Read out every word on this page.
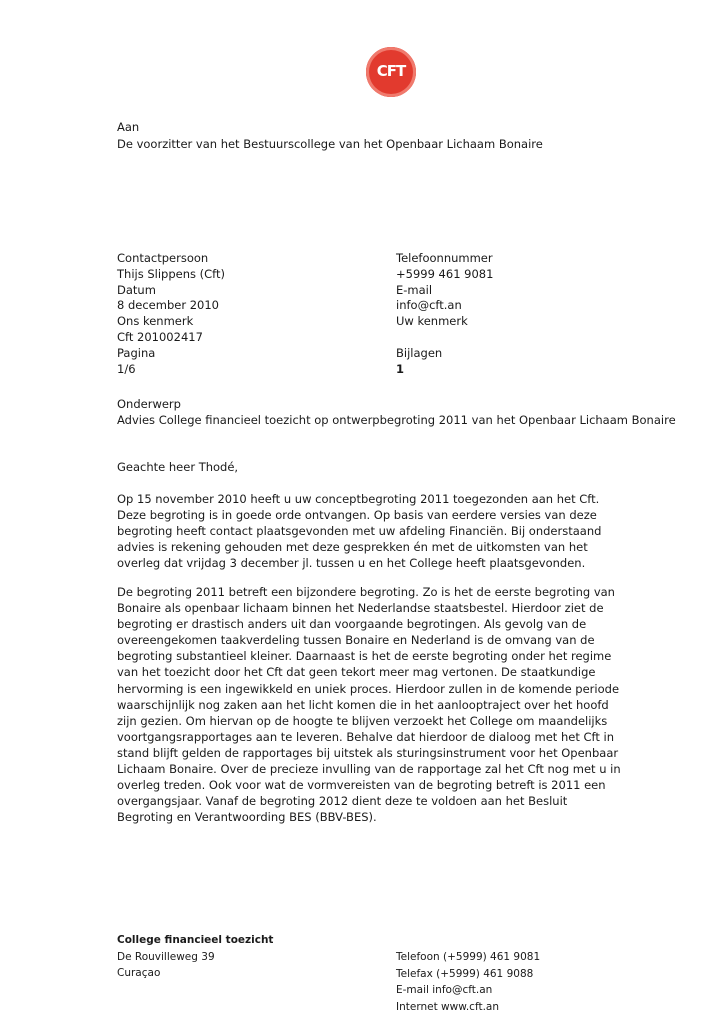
CFT
Aan
De voorzitter van het Bestuurscollege van het Openbaar Lichaam Bonaire
Contactpersoon
Thijs Slippens (Cft)
Datum
8 december 2010
Ons kenmerk
Cft 201002417
Pagina
1/6
Telefoonnummer
+5999 461 9081
E-mail
info@cft.an
Uw kenmerk
Bijlagen
1
Onderwerp
Advies College financieel toezicht op ontwerpbegroting 2011 van het Openbaar Lichaam Bonaire
Geachte heer Thodé,
Op 15 november 2010 heeft u uw conceptbegroting 2011 toegezonden aan het Cft.
Deze begroting is in goede orde ontvangen. Op basis van eerdere versies van deze
begroting heeft contact plaatsgevonden met uw afdeling Financiën. Bij onderstaand
advies is rekening gehouden met deze gesprekken én met de uitkomsten van het
overleg dat vrijdag 3 december jl. tussen u en het College heeft plaatsgevonden.
De begroting 2011 betreft een bijzondere begroting. Zo is het de eerste begroting van
Bonaire als openbaar lichaam binnen het Nederlandse staatsbestel. Hierdoor ziet de
begroting er drastisch anders uit dan voorgaande begrotingen. Als gevolg van de
overeengekomen taakverdeling tussen Bonaire en Nederland is de omvang van de
begroting substantieel kleiner. Daarnaast is het de eerste begroting onder het regime
van het toezicht door het Cft dat geen tekort meer mag vertonen. De staatkundige
hervorming is een ingewikkeld en uniek proces. Hierdoor zullen in de komende periode
waarschijnlijk nog zaken aan het licht komen die in het aanlooptraject over het hoofd
zijn gezien. Om hiervan op de hoogte te blijven verzoekt het College om maandelijks
voortgangsrapportages aan te leveren. Behalve dat hierdoor de dialoog met het Cft in
stand blijft gelden de rapportages bij uitstek als sturingsinstrument voor het Openbaar
Lichaam Bonaire. Over de precieze invulling van de rapportage zal het Cft nog met u in
overleg treden. Ook voor wat de vormvereisten van de begroting betreft is 2011 een
overgangsjaar. Vanaf de begroting 2012 dient deze te voldoen aan het Besluit
Begroting en Verantwoording BES (BBV-BES).
College financieel toezicht
De Rouvilleweg 39
Curaçao
Telefoon (+5999) 461 9081
Telefax (+5999) 461 9088
E-mail info@cft.an
Internet www.cft.an
